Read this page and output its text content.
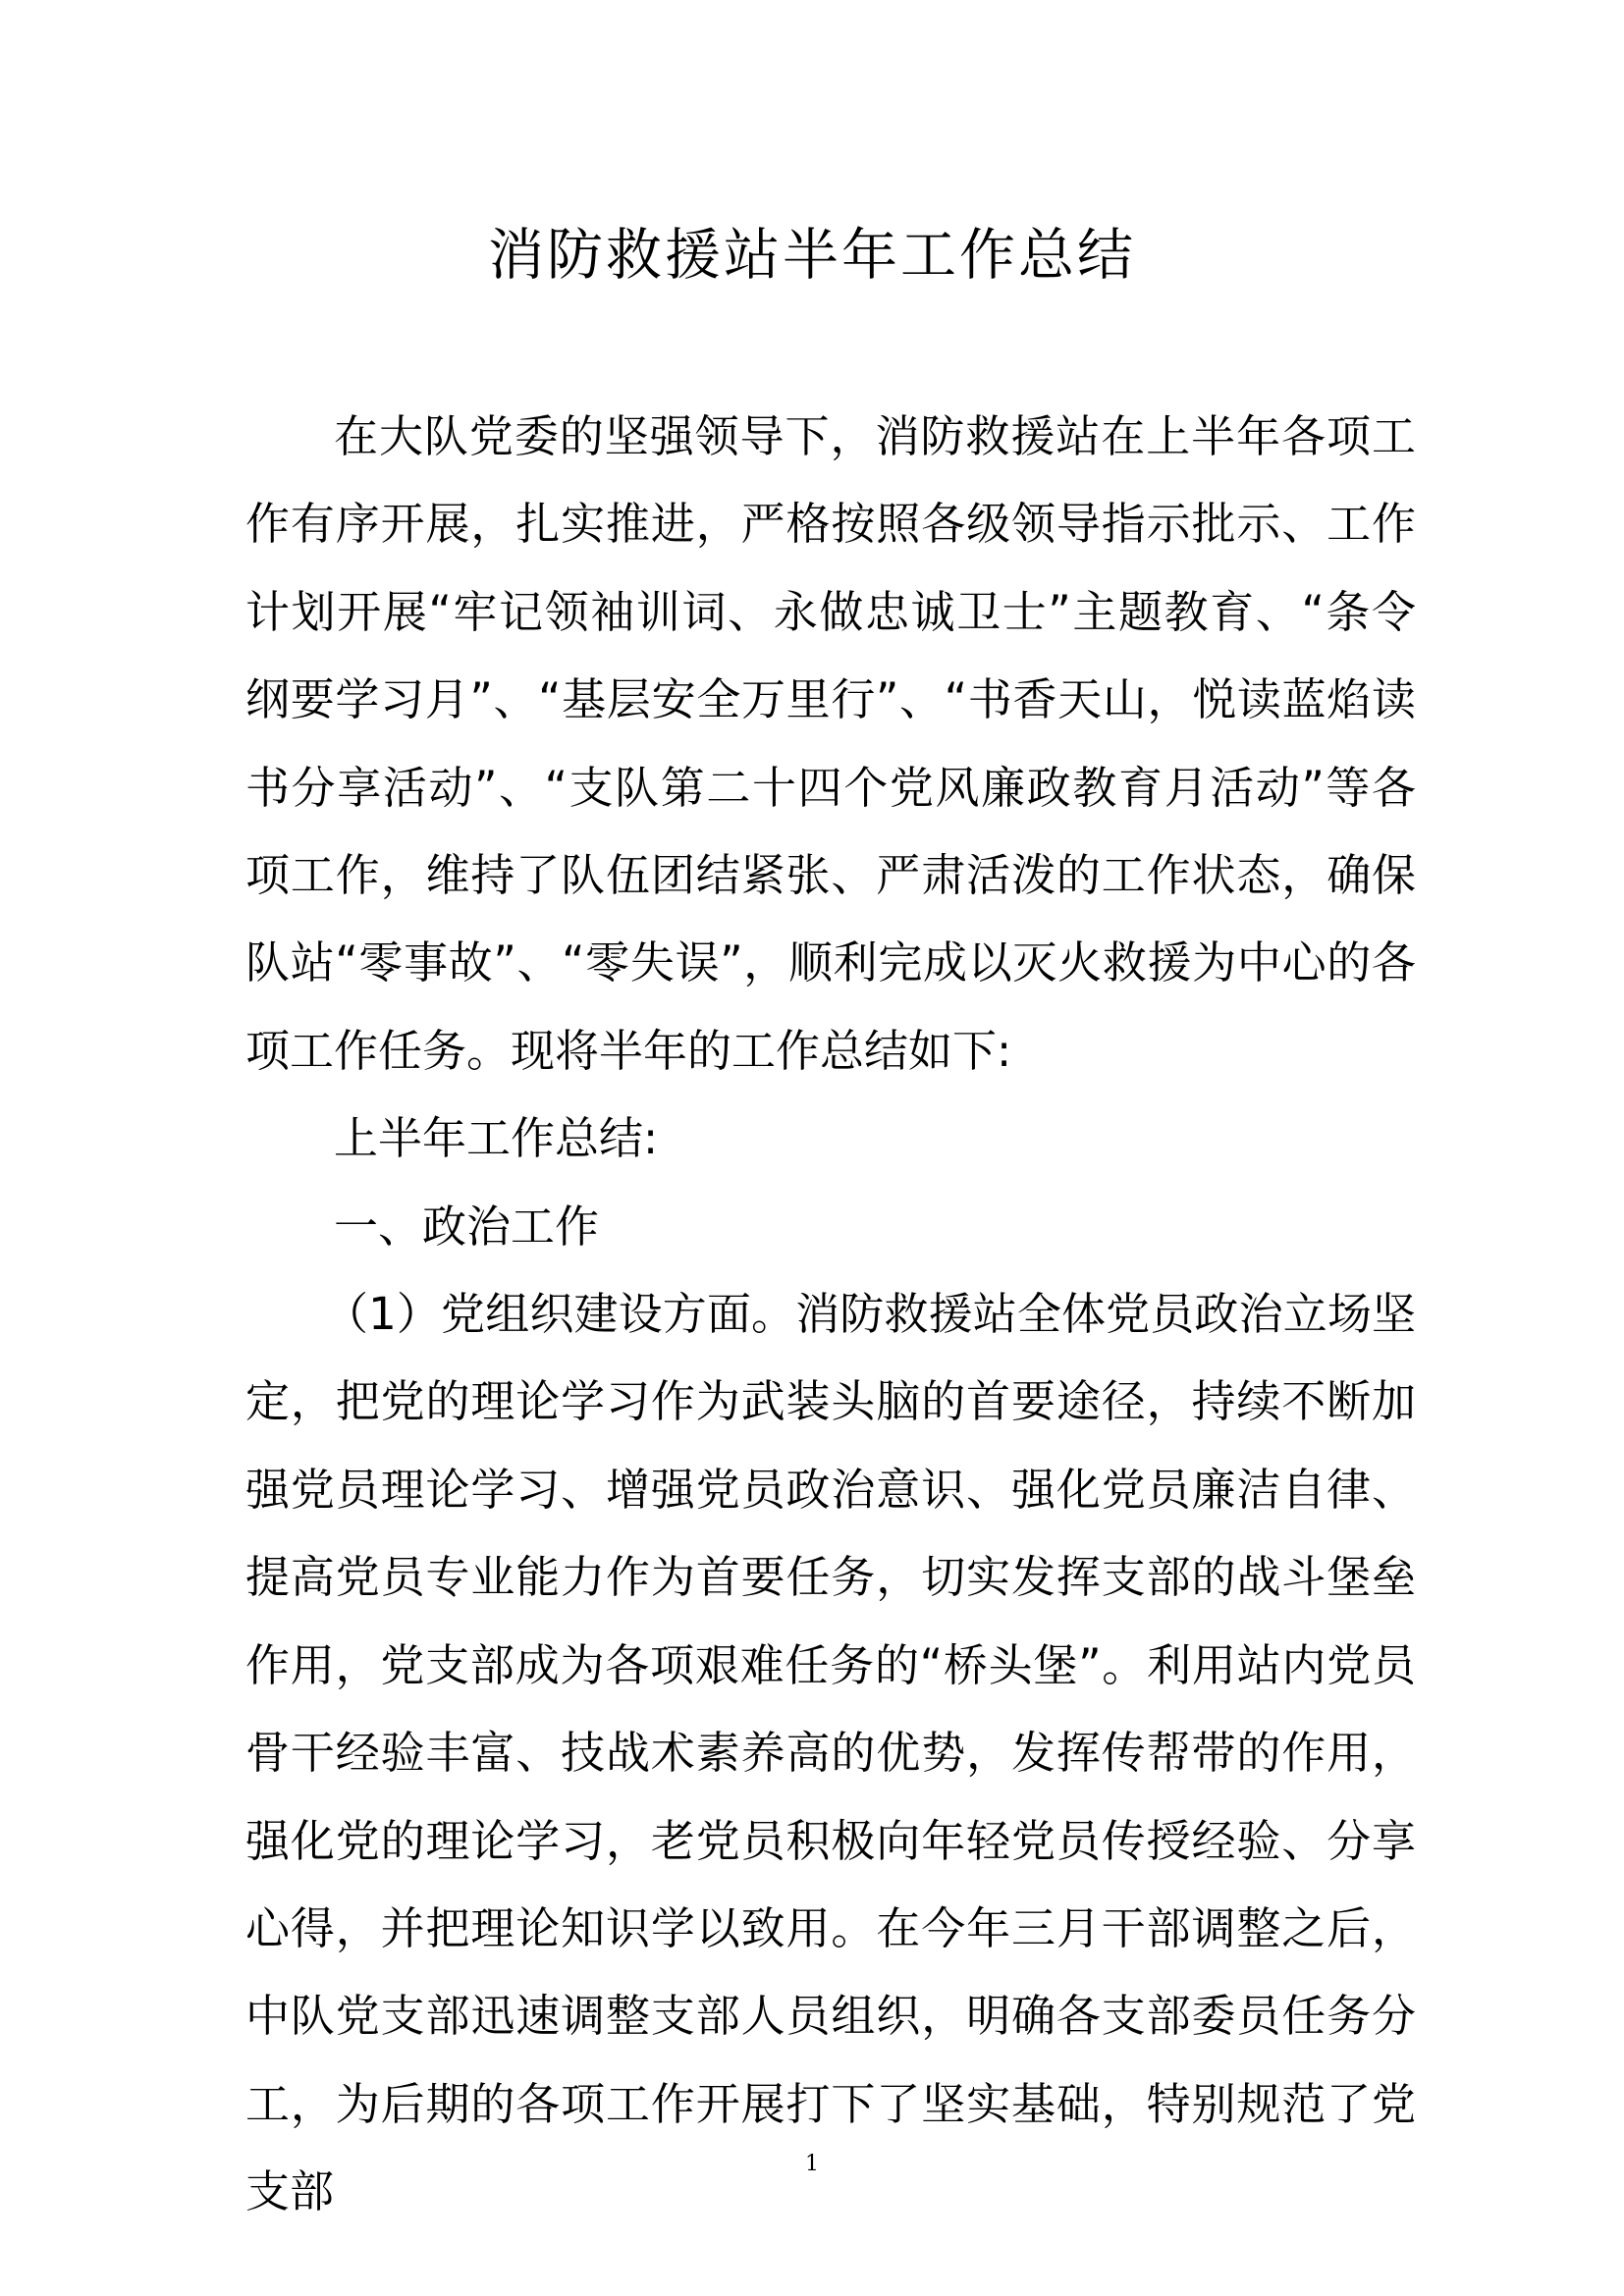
消防救援站半年工作总结

在大队党委的坚强领导下，消防救援站在上半年各项工作有序开展，扎实推进，严格按照各级领导指示批示、工作计划开展“牢记领袖训词、永做忠诚卫士”主题教育、“条令纲要学习月”、“基层安全万里行”、“书香天山，悦读蓝焰读书分享活动”、“支队第二十四个党风廉政教育月活动”等各项工作，维持了队伍团结紧张、严肃活泼的工作状态，确保队站“零事故”、“零失误”，顺利完成以灭火救援为中心的各项工作任务。现将半年的工作总结如下:

上半年工作总结:

一、政治工作

（1）党组织建设方面。消防救援站全体党员政治立场坚定，把党的理论学习作为武装头脑的首要途径，持续不断加强党员理论学习、增强党员政治意识、强化党员廉洁自律、提高党员专业能力作为首要任务，切实发挥支部的战斗堡垒作用，党支部成为各项艰难任务的“桥头堡”。利用站内党员骨干经验丰富、技战术素养高的优势，发挥传帮带的作用，强化党的理论学习，老党员积极向年轻党员传授经验、分享心得，并把理论知识学以致用。在今年三月干部调整之后，中队党支部迅速调整支部人员组织，明确各支部委员任务分工，为后期的各项工作开展打下了坚实基础，特别规范了党支部

1
